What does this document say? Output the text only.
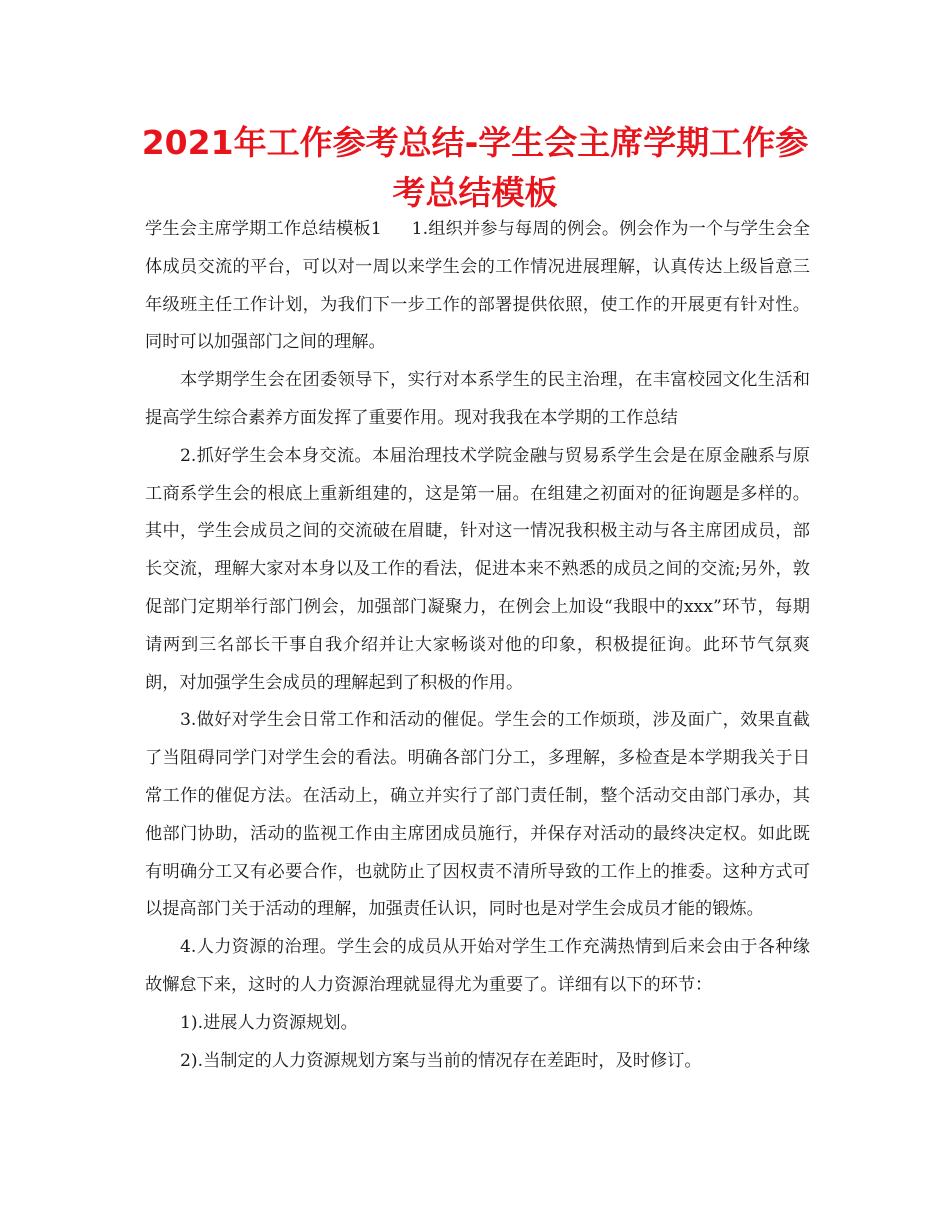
2021年工作参考总结-学生会主席学期工作参考总结模板

学生会主席学期工作总结模板1 1.组织并参与每周的例会。例会作为一个与学生会全体成员交流的平台，可以对一周以来学生会的工作情况进展理解，认真传达上级旨意三年级班主任工作计划，为我们下一步工作的部署提供依照，使工作的开展更有针对性。同时可以加强部门之间的理解。

本学期学生会在团委领导下，实行对本系学生的民主治理，在丰富校园文化生活和提高学生综合素养方面发挥了重要作用。现对我我在本学期的工作总结

2.抓好学生会本身交流。本届治理技术学院金融与贸易系学生会是在原金融系与原工商系学生会的根底上重新组建的，这是第一届。在组建之初面对的征询题是多样的。其中，学生会成员之间的交流破在眉睫，针对这一情况我积极主动与各主席团成员，部长交流，理解大家对本身以及工作的看法，促进本来不熟悉的成员之间的交流;另外，敦促部门定期举行部门例会，加强部门凝聚力，在例会上加设“我眼中的xxx”环节，每期请两到三名部长干事自我介绍并让大家畅谈对他的印象，积极提征询。此环节气氛爽朗，对加强学生会成员的理解起到了积极的作用。

3.做好对学生会日常工作和活动的催促。学生会的工作烦琐，涉及面广，效果直截了当阻碍同学门对学生会的看法。明确各部门分工，多理解，多检查是本学期我关于日常工作的催促方法。在活动上，确立并实行了部门责任制，整个活动交由部门承办，其他部门协助，活动的监视工作由主席团成员施行，并保存对活动的最终决定权。如此既有明确分工又有必要合作，也就防止了因权责不清所导致的工作上的推委。这种方式可以提高部门关于活动的理解，加强责任认识，同时也是对学生会成员才能的锻炼。

4.人力资源的治理。学生会的成员从开始对学生工作充满热情到后来会由于各种缘故懈怠下来，这时的人力资源治理就显得尤为重要了。详细有以下的环节：

1).进展人力资源规划。

2).当制定的人力资源规划方案与当前的情况存在差距时，及时修订。
